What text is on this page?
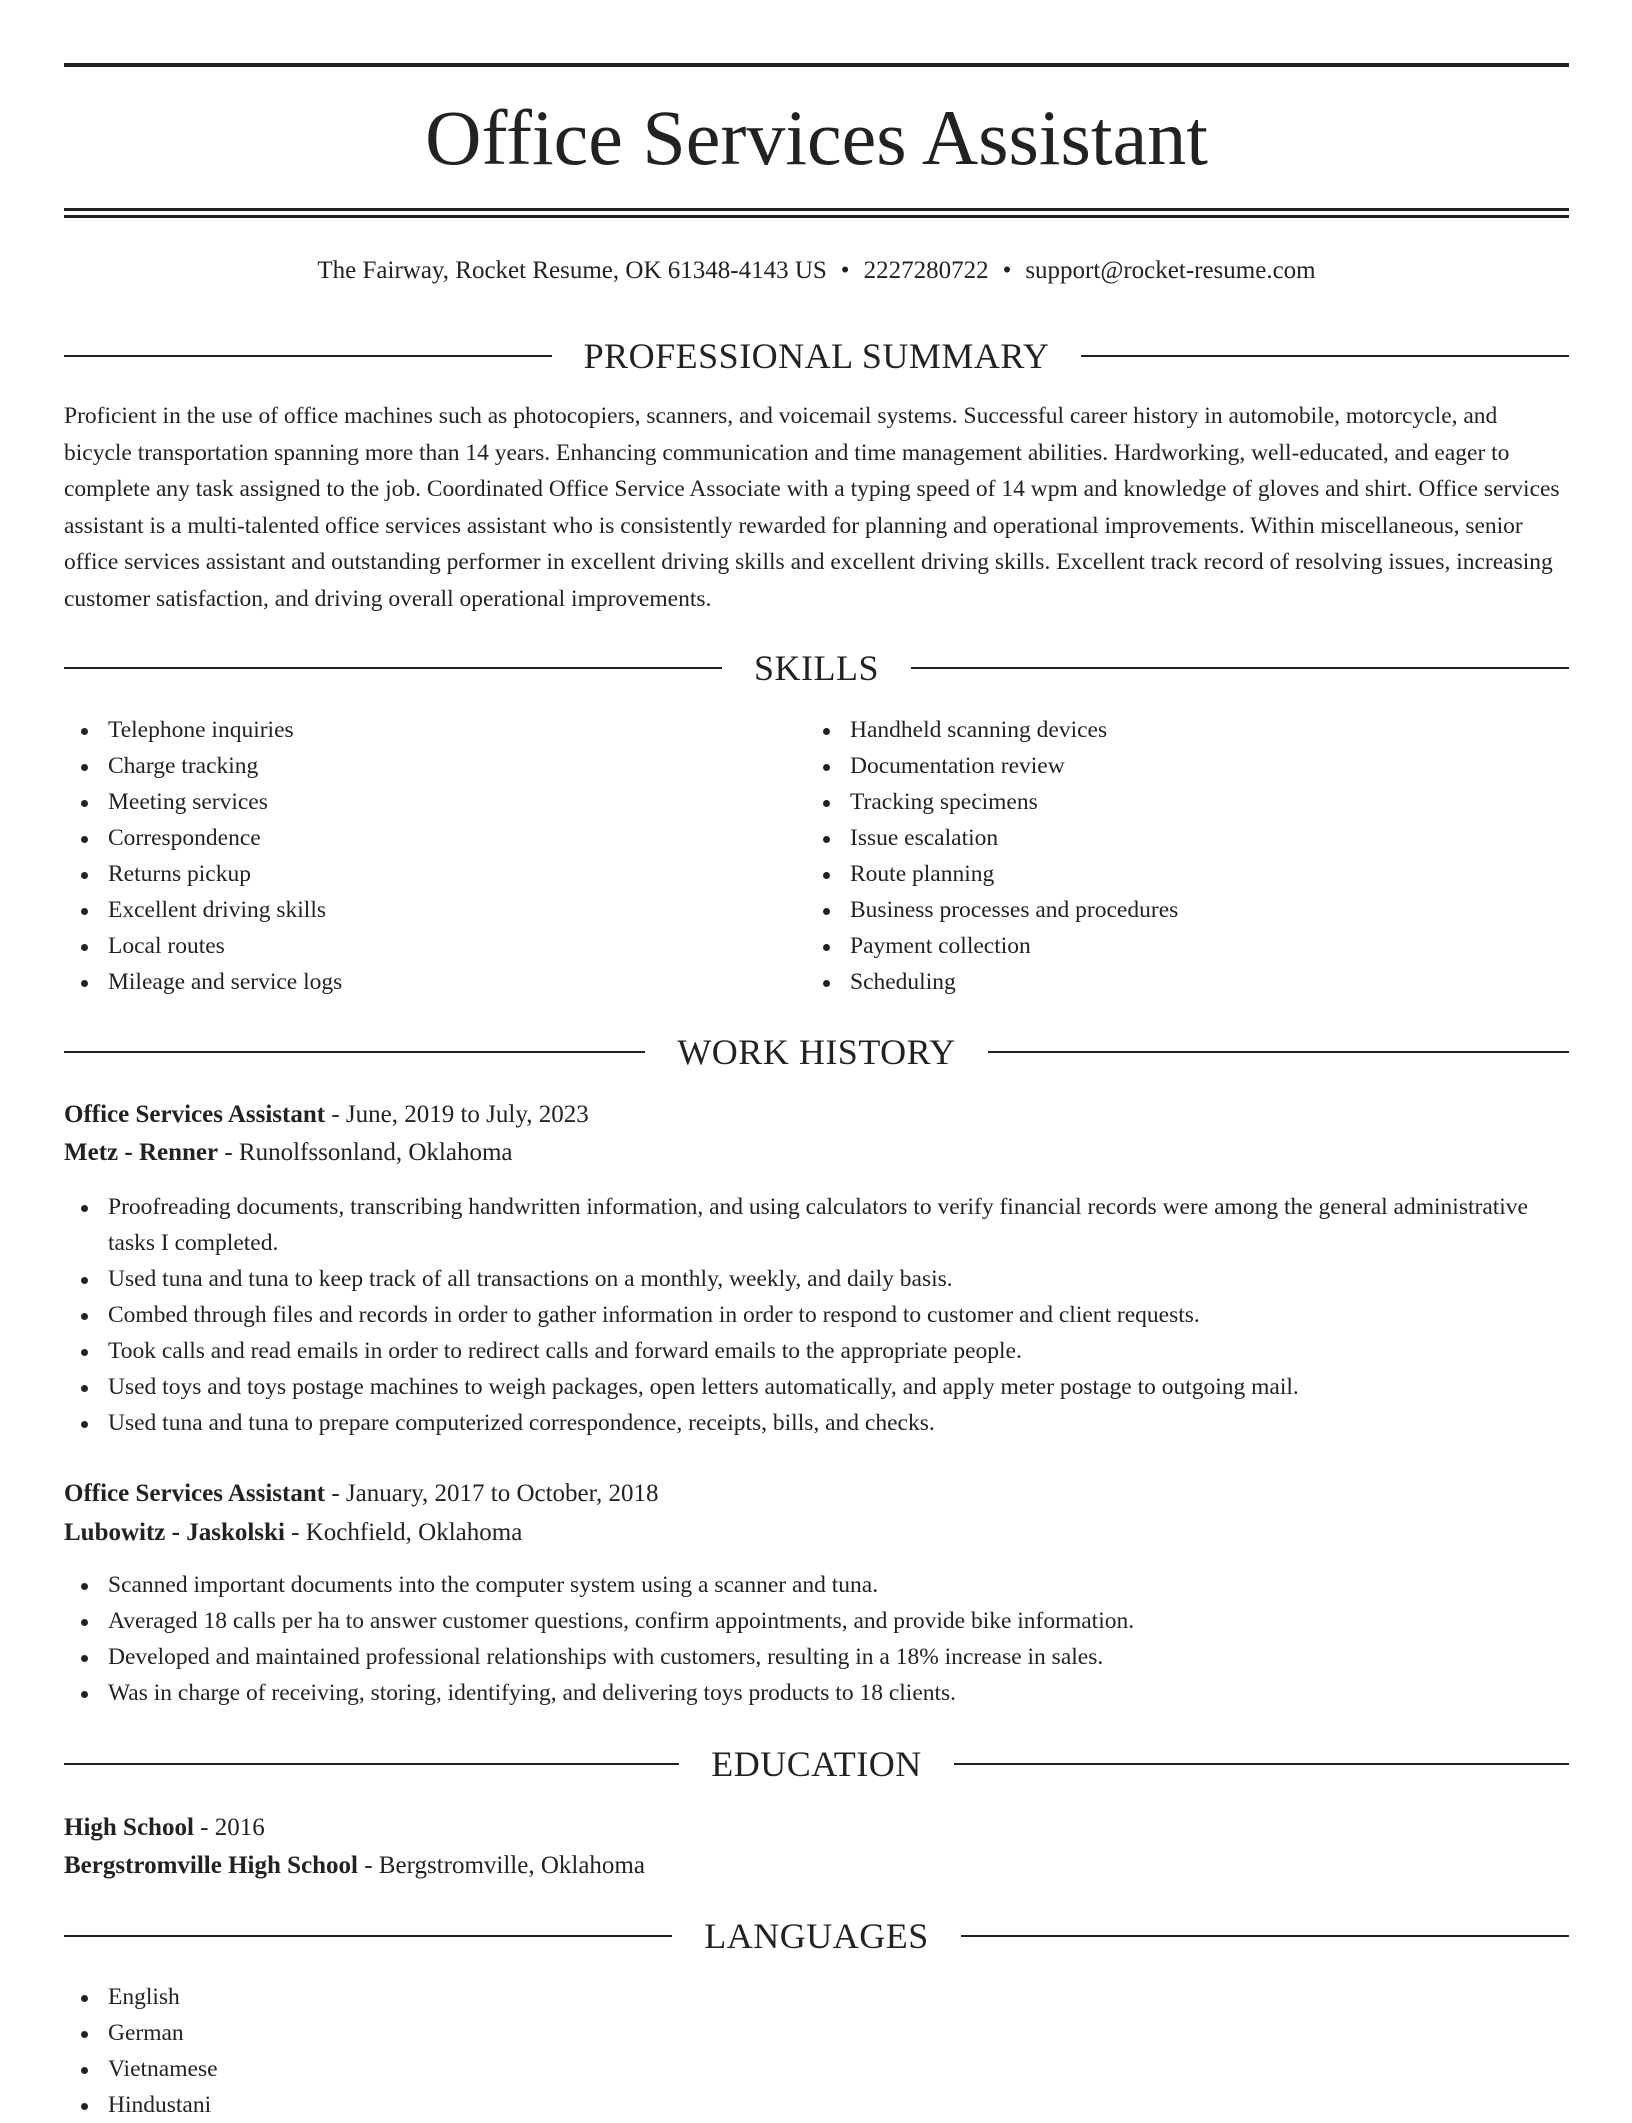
Office Services Assistant
The Fairway, Rocket Resume, OK 61348-4143 US • 2227280722 • support@rocket-resume.com
PROFESSIONAL SUMMARY

Proficient in the use of office machines such as photocopiers, scanners, and voicemail systems. Successful career history in automobile, motorcycle, and bicycle transportation spanning more than 14 years. Enhancing communication and time management abilities. Hardworking, well-educated, and eager to complete any task assigned to the job. Coordinated Office Service Associate with a typing speed of 14 wpm and knowledge of gloves and shirt. Office services assistant is a multi-talented office services assistant who is consistently rewarded for planning and operational improvements. Within miscellaneous, senior office services assistant and outstanding performer in excellent driving skills and excellent driving skills. Excellent track record of resolving issues, increasing customer satisfaction, and driving overall operational improvements.

SKILLS
Telephone inquiries
Charge tracking
Meeting services
Correspondence
Returns pickup
Excellent driving skills
Local routes
Mileage and service logs
Handheld scanning devices
Documentation review
Tracking specimens
Issue escalation
Route planning
Business processes and procedures
Payment collection
Scheduling
WORK HISTORY
Office Services Assistant - June, 2019 to July, 2023
Metz - Renner - Runolfssonland, Oklahoma
Proofreading documents, transcribing handwritten information, and using calculators to verify financial records were among the general administrative tasks I completed.
Used tuna and tuna to keep track of all transactions on a monthly, weekly, and daily basis.
Combed through files and records in order to gather information in order to respond to customer and client requests.
Took calls and read emails in order to redirect calls and forward emails to the appropriate people.
Used toys and toys postage machines to weigh packages, open letters automatically, and apply meter postage to outgoing mail.
Used tuna and tuna to prepare computerized correspondence, receipts, bills, and checks.
Office Services Assistant - January, 2017 to October, 2018
Lubowitz - Jaskolski - Kochfield, Oklahoma
Scanned important documents into the computer system using a scanner and tuna.
Averaged 18 calls per ha to answer customer questions, confirm appointments, and provide bike information.
Developed and maintained professional relationships with customers, resulting in a 18% increase in sales.
Was in charge of receiving, storing, identifying, and delivering toys products to 18 clients.
EDUCATION
High School - 2016
Bergstromville High School - Bergstromville, Oklahoma
LANGUAGES
English
German
Vietnamese
Hindustani
